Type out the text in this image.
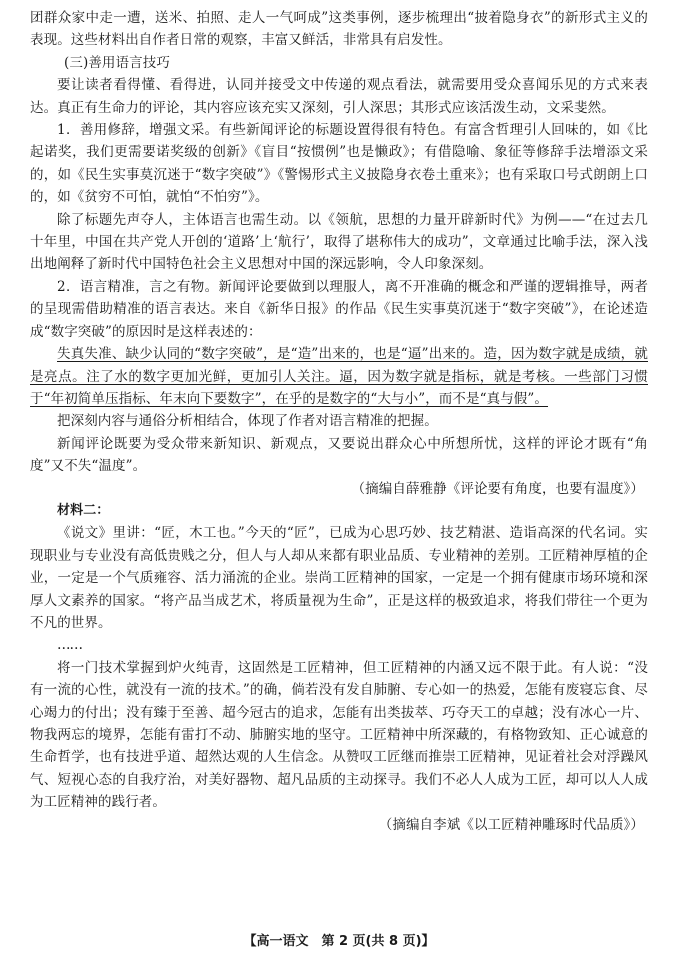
团群众家中走一遭，送米、拍照、走人一气呵成”这类事例，逐步梳理出“披着隐身衣”的新形式主义的表现。这些材料出自作者日常的观察，丰富又鲜活，非常具有启发性。

(三)善用语言技巧

要让读者看得懂、看得进，认同并接受文中传递的观点看法，就需要用受众喜闻乐见的方式来表达。真正有生命力的评论，其内容应该充实又深刻，引人深思；其形式应该活泼生动，文采斐然。

1．善用修辞，增强文采。有些新闻评论的标题设置得很有特色。有富含哲理引人回味的，如《比起诺奖，我们更需要诺奖级的创新》《盲目“按惯例”也是懒政》；有借隐喻、象征等修辞手法增添文采的，如《民生实事莫沉迷于“数字突破”》《警惕形式主义披隐身衣卷土重来》；也有采取口号式朗朗上口的，如《贫穷不可怕，就怕“不怕穷”》。

除了标题先声夺人，主体语言也需生动。以《领航，思想的力量开辟新时代》为例——“在过去几十年里，中国在共产党人开创的‘道路’上‘航行’，取得了堪称伟大的成功”，文章通过比喻手法，深入浅出地阐释了新时代中国特色社会主义思想对中国的深远影响，令人印象深刻。

2．语言精准，言之有物。新闻评论要做到以理服人，离不开准确的概念和严谨的逻辑推导，两者的呈现需借助精准的语言表达。来自《新华日报》的作品《民生实事莫沉迷于“数字突破”》，在论述造成“数字突破”的原因时是这样表述的：

失真失准、缺少认同的“数字突破”，是“造”出来的，也是“逼”出来的。造，因为数字就是成绩，就是亮点。注了水的数字更加光鲜，更加引人关注。逼，因为数字就是指标，就是考核。一些部门习惯于“年初简单压指标、年末向下要数字”，在乎的是数字的“大与小”，而不是“真与假”。

把深刻内容与通俗分析相结合，体现了作者对语言精准的把握。

新闻评论既要为受众带来新知识、新观点，又要说出群众心中所想所忧，这样的评论才既有“角度”又不失“温度”。

（摘编自薛雅静《评论要有角度，也要有温度》）

材料二：

《说文》里讲：“匠，木工也。”今天的“匠”，已成为心思巧妙、技艺精湛、造诣高深的代名词。实现职业与专业没有高低贵贱之分，但人与人却从来都有职业品质、专业精神的差别。工匠精神厚植的企业，一定是一个气质雍容、活力涌流的企业。崇尚工匠精神的国家，一定是一个拥有健康市场环境和深厚人文素养的国家。“将产品当成艺术，将质量视为生命”，正是这样的极致追求，将我们带往一个更为不凡的世界。

……

将一门技术掌握到炉火纯青，这固然是工匠精神，但工匠精神的内涵又远不限于此。有人说：“没有一流的心性，就没有一流的技术。”的确，倘若没有发自肺腑、专心如一的热爱，怎能有废寝忘食、尽心竭力的付出；没有臻于至善、超今冠古的追求，怎能有出类拔萃、巧夺天工的卓越；没有冰心一片、物我两忘的境界，怎能有雷打不动、肺腑实地的坚守。工匠精神中所深藏的，有格物致知、正心诚意的生命哲学，也有技进乎道、超然达观的人生信念。从赞叹工匠继而推崇工匠精神，见证着社会对浮躁风气、短视心态的自我疗治，对美好器物、超凡品质的主动探寻。我们不必人人成为工匠，却可以人人成为工匠精神的践行者。

（摘编自李斌《以工匠精神雕琢时代品质》）

【高一语文　第 2 页(共 8 页)】
